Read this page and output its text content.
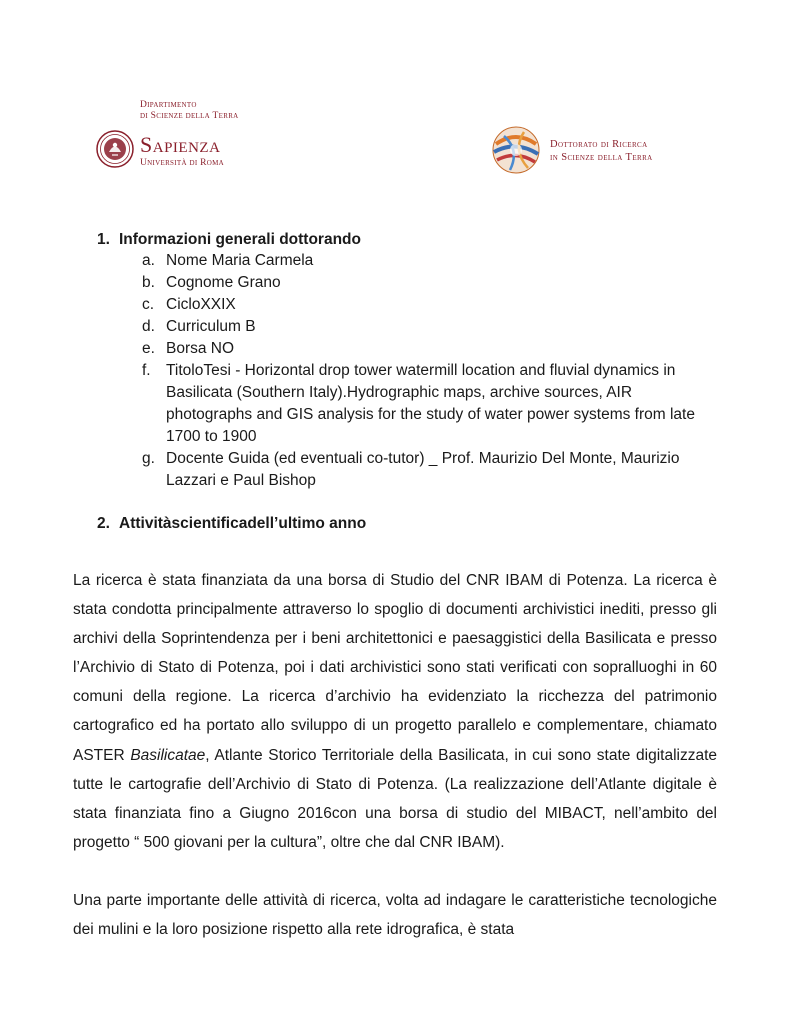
Dipartimento
di Scienze della Terra
Sapienza
Università di Roma
Dottorato di Ricerca
in Scienze della Terra
1. Informazioni generali dottorando
a. Nome Maria Carmela
b. Cognome Grano
c. CicloXXIX
d. Curriculum B
e. Borsa NO
f. TitoloTesi - Horizontal drop tower watermill location and fluvial dynamics in Basilicata (Southern Italy).Hydrographic maps, archive sources, AIR photographs and GIS analysis for the study of water power systems from late 1700 to 1900
g. Docente Guida (ed eventuali co-tutor) _ Prof. Maurizio Del Monte, Maurizio Lazzari e Paul Bishop
2. Attivitàscientificadell’ultimo anno
La ricerca è stata finanziata da una borsa di Studio del CNR IBAM di Potenza. La ricerca è stata condotta principalmente attraverso lo spoglio di documenti archivistici inediti, presso gli archivi della Soprintendenza per i beni architettonici e paesaggistici della Basilicata e presso l’Archivio di Stato di Potenza, poi i dati archivistici sono stati verificati con sopralluoghi in 60 comuni della regione. La ricerca d’archivio ha evidenziato la ricchezza del patrimonio cartografico ed ha portato allo sviluppo di un progetto parallelo e complementare, chiamato ASTER Basilicatae, Atlante Storico Territoriale della Basilicata, in cui sono state digitalizzate tutte le cartografie dell’Archivio di Stato di Potenza. (La realizzazione dell’Atlante digitale è stata finanziata fino a Giugno 2016con una borsa di studio del MIBACT, nell’ambito del progetto “ 500 giovani per la cultura”, oltre che dal CNR IBAM).
Una parte importante delle attività di ricerca, volta ad indagare le caratteristiche tecnologiche dei mulini e la loro posizione rispetto alla rete idrografica, è stata
